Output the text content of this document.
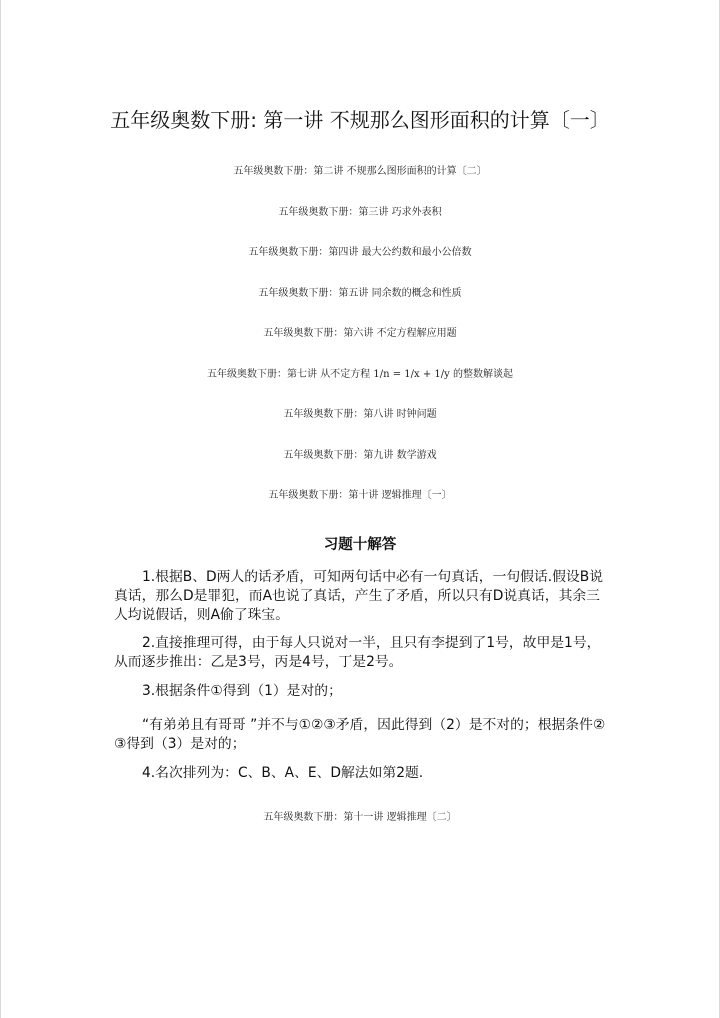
五年级奥数下册: 第一讲 不规那么图形面积的计算〔一〕
五年级奥数下册：第二讲 不规那么图形面积的计算〔二〕
五年级奥数下册：第三讲 巧求外表积
五年级奥数下册：第四讲 最大公约数和最小公倍数
五年级奥数下册：第五讲 同余数的概念和性质
五年级奥数下册：第六讲 不定方程解应用题
五年级奥数下册：第七讲 从不定方程 1/n = 1/x + 1/y 的整数解谈起
五年级奥数下册：第八讲 时钟问题
五年级奥数下册：第九讲 数学游戏
五年级奥数下册：第十讲 逻辑推理〔一〕
习题十解答
1.根据B、D两人的话矛盾，可知两句话中必有一句真话，一句假话.假设B说真话，那么D是罪犯，而A也说了真话，产生了矛盾，所以只有D说真话，其余三人均说假话，则A偷了珠宝。
2.直接推理可得，由于每人只说对一半，且只有李提到了1号，故甲是1号，从而逐步推出：乙是3号，丙是4号，丁是2号。
3.根据条件①得到（1）是对的；
“有弟弟且有哥哥 ”并不与①②③矛盾，因此得到（2）是不对的；根据条件②③得到（3）是对的；
4.名次排列为：C、B、A、E、D解法如第2题.
五年级奥数下册：第十一讲 逻辑推理〔二〕
